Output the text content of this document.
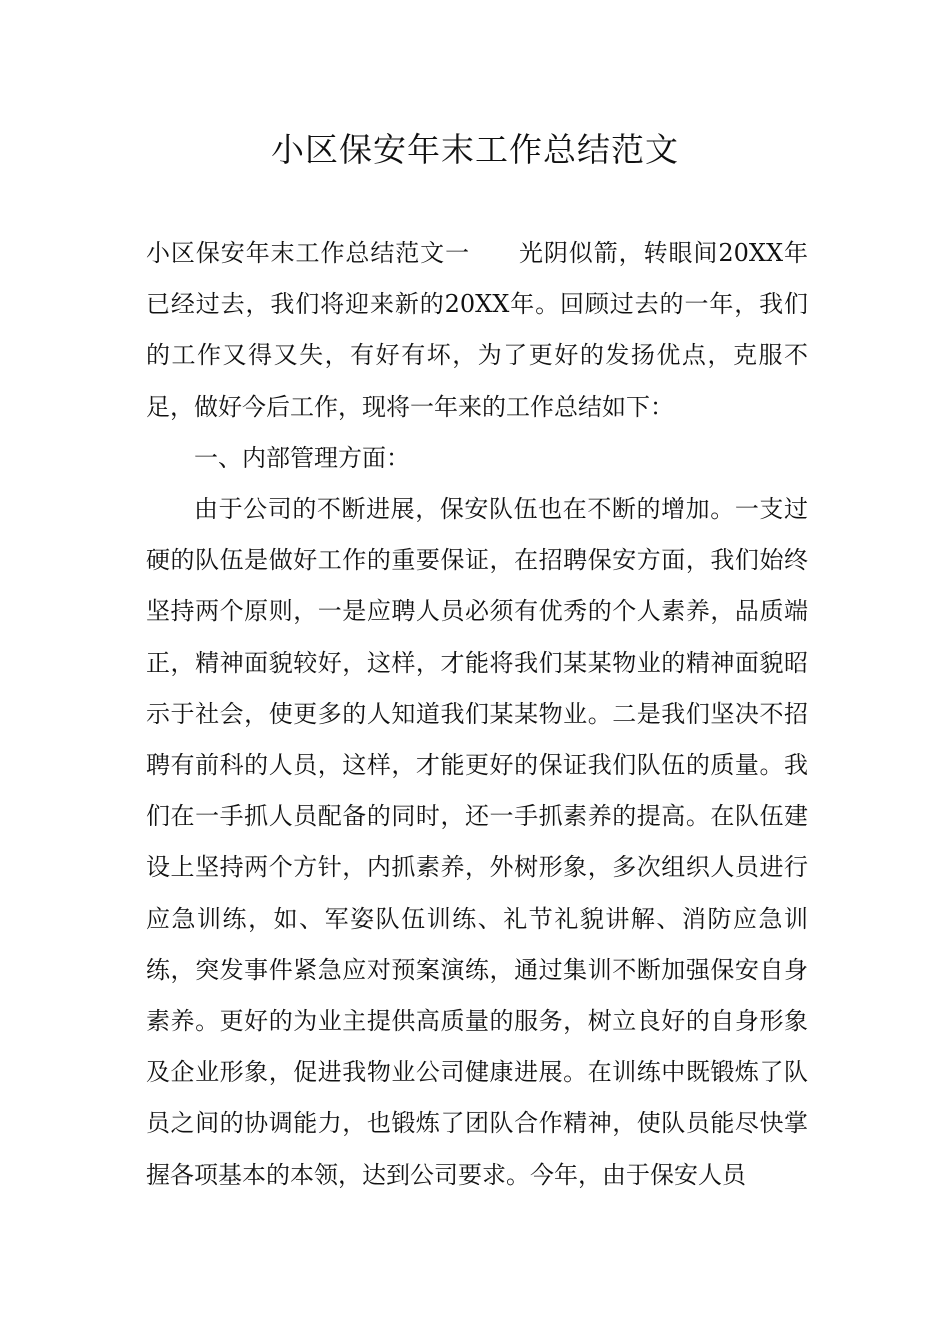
小区保安年末工作总结范文

小区保安年末工作总结范文一 光阴似箭，转眼间20XX年已经过去，我们将迎来新的20XX年。回顾过去的一年，我们的工作又得又失，有好有坏，为了更好的发扬优点，克服不足，做好今后工作，现将一年来的工作总结如下：

一、内部管理方面：

由于公司的不断进展，保安队伍也在不断的增加。一支过硬的队伍是做好工作的重要保证，在招聘保安方面，我们始终坚持两个原则，一是应聘人员必须有优秀的个人素养，品质端正，精神面貌较好，这样，才能将我们某某物业的精神面貌昭示于社会，使更多的人知道我们某某物业。二是我们坚决不招聘有前科的人员，这样，才能更好的保证我们队伍的质量。我们在一手抓人员配备的同时，还一手抓素养的提高。在队伍建设上坚持两个方针，内抓素养，外树形象，多次组织人员进行应急训练，如、军姿队伍训练、礼节礼貌讲解、消防应急训练，突发事件紧急应对预案演练，通过集训不断加强保安自身素养。更好的为业主提供高质量的服务，树立良好的自身形象及企业形象，促进我物业公司健康进展。在训练中既锻炼了队员之间的协调能力，也锻炼了团队合作精神，使队员能尽快掌握各项基本的本领，达到公司要求。今年，由于保安人员
